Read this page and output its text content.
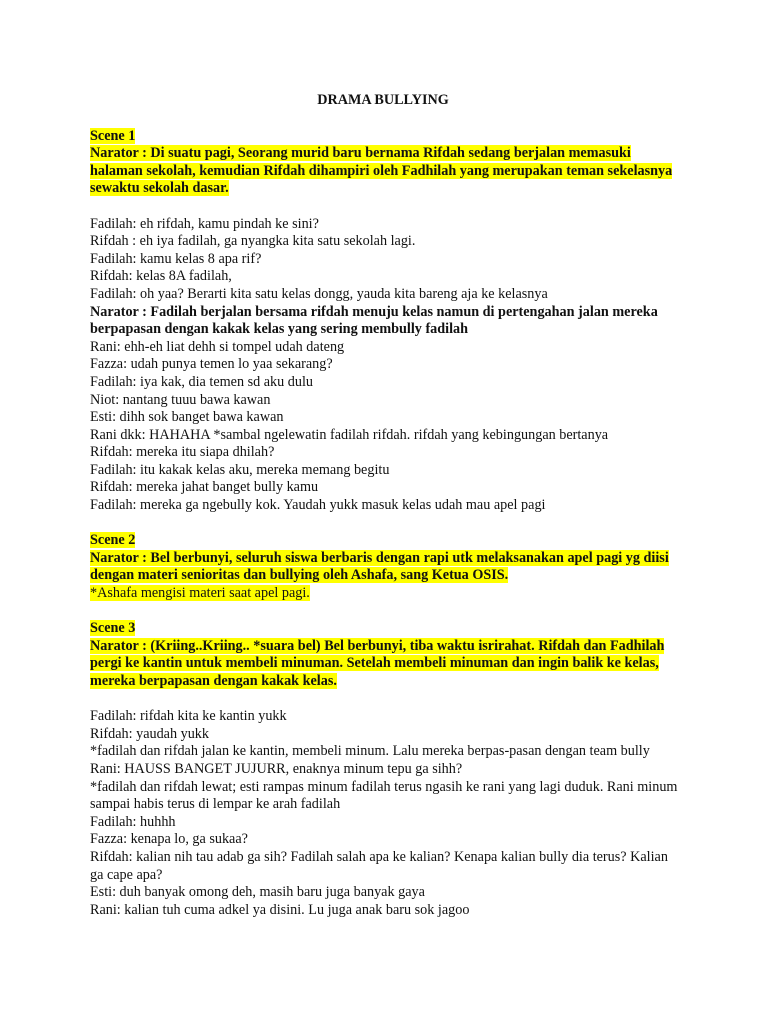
DRAMA BULLYING

Scene 1

Narator : Di suatu pagi, Seorang murid baru bernama Rifdah sedang berjalan memasuki halaman sekolah, kemudian Rifdah dihampiri oleh Fadhilah yang merupakan teman sekelasnya sewaktu sekolah dasar.

Fadilah: eh rifdah, kamu pindah ke sini?

Rifdah : eh iya fadilah, ga nyangka kita satu sekolah lagi.

Fadilah: kamu kelas 8 apa rif?

Rifdah: kelas 8A fadilah,

Fadilah: oh yaa? Berarti kita satu kelas dongg, yauda kita bareng aja ke kelasnya

Narator : Fadilah berjalan bersama rifdah menuju kelas namun di pertengahan jalan mereka berpapasan dengan kakak kelas yang sering membully fadilah

Rani: ehh-eh liat dehh si tompel udah dateng

Fazza: udah punya temen lo yaa sekarang?

Fadilah: iya kak, dia temen sd aku dulu

Niot: nantang tuuu bawa kawan

Esti: dihh sok banget bawa kawan

Rani dkk: HAHAHA *sambal ngelewatin fadilah rifdah. rifdah yang kebingungan bertanya

Rifdah: mereka itu siapa dhilah?

Fadilah: itu kakak kelas aku, mereka memang begitu

Rifdah: mereka jahat banget bully kamu

Fadilah: mereka ga ngebully kok. Yaudah yukk masuk kelas udah mau apel pagi

Scene 2

Narator : Bel berbunyi, seluruh siswa berbaris dengan rapi utk melaksanakan apel pagi yg diisi dengan materi senioritas dan bullying oleh Ashafa, sang Ketua OSIS.

*Ashafa mengisi materi saat apel pagi.

Scene 3

Narator : (Kriing..Kriing.. *suara bel) Bel berbunyi, tiba waktu isrirahat. Rifdah dan Fadhilah pergi ke kantin untuk membeli minuman. Setelah membeli minuman dan ingin balik ke kelas, mereka berpapasan dengan kakak kelas.

Fadilah: rifdah kita ke kantin yukk

Rifdah: yaudah yukk

*fadilah dan rifdah jalan ke kantin, membeli minum. Lalu mereka berpas-pasan dengan team bully

Rani: HAUSS BANGET JUJURR, enaknya minum tepu ga sihh?

*fadilah dan rifdah lewat; esti rampas minum fadilah terus ngasih ke rani yang lagi duduk. Rani minum sampai habis terus di lempar ke arah fadilah

Fadilah: huhhh

Fazza: kenapa lo, ga sukaa?

Rifdah: kalian nih tau adab ga sih? Fadilah salah apa ke kalian? Kenapa kalian bully dia terus? Kalian ga cape apa?

Esti: duh banyak omong deh, masih baru juga banyak gaya

Rani: kalian tuh cuma adkel ya disini. Lu juga anak baru sok jagoo
